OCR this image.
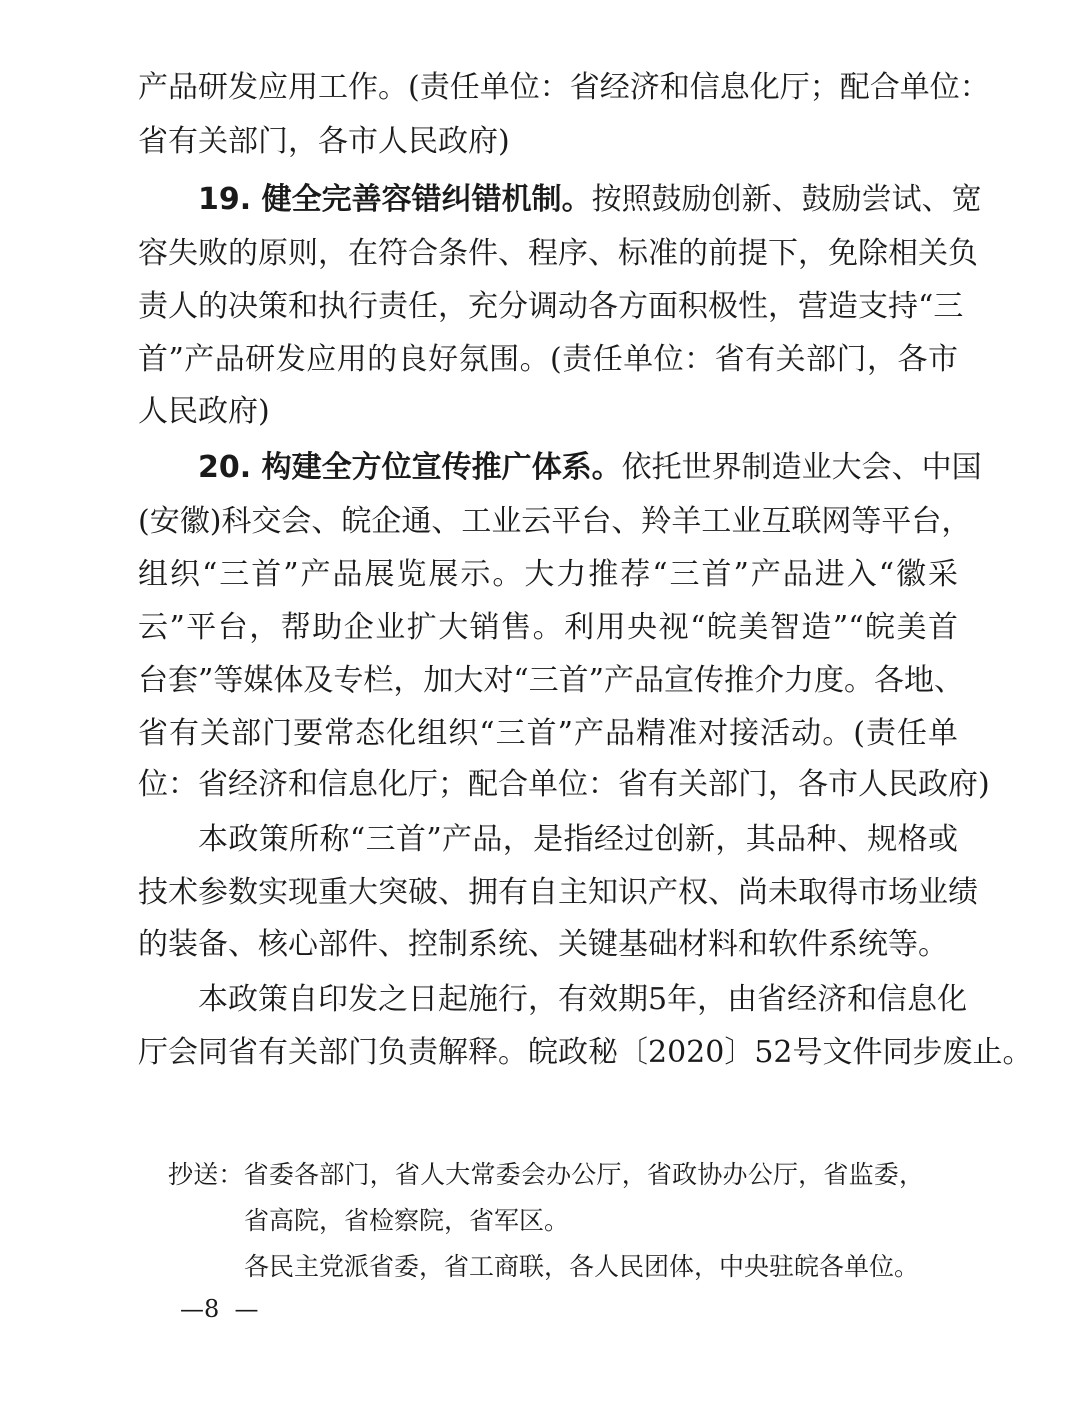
产品研发应用工作。(责任单位：省经济和信息化厅；配合单位：
省有关部门，各市人民政府)
19. 健全完善容错纠错机制。按照鼓励创新、鼓励尝试、宽
容失败的原则，在符合条件、程序、标准的前提下，免除相关负
责人的决策和执行责任，充分调动各方面积极性，营造支持“三
首”产品研发应用的良好氛围。(责任单位：省有关部门，各市
人民政府)
20. 构建全方位宣传推广体系。依托世界制造业大会、中国
(安徽)科交会、皖企通、工业云平台、羚羊工业互联网等平台，
组织“三首”产品展览展示。大力推荐“三首”产品进入“徽采
云”平台，帮助企业扩大销售。利用央视“皖美智造”“皖美首
台套”等媒体及专栏，加大对“三首”产品宣传推介力度。各地、
省有关部门要常态化组织“三首”产品精准对接活动。(责任单
位：省经济和信息化厅；配合单位：省有关部门，各市人民政府)
本政策所称“三首”产品，是指经过创新，其品种、规格或
技术参数实现重大突破、拥有自主知识产权、尚未取得市场业绩
的装备、核心部件、控制系统、关键基础材料和软件系统等。
本政策自印发之日起施行，有效期5年，由省经济和信息化
厅会同省有关部门负责解释。皖政秘〔2020〕52号文件同步废止。
抄送：省委各部门，省人大常委会办公厅，省政协办公厅，省监委，
省高院，省检察院，省军区。
各民主党派省委，省工商联，各人民团体，中央驻皖各单位。
—8  —
